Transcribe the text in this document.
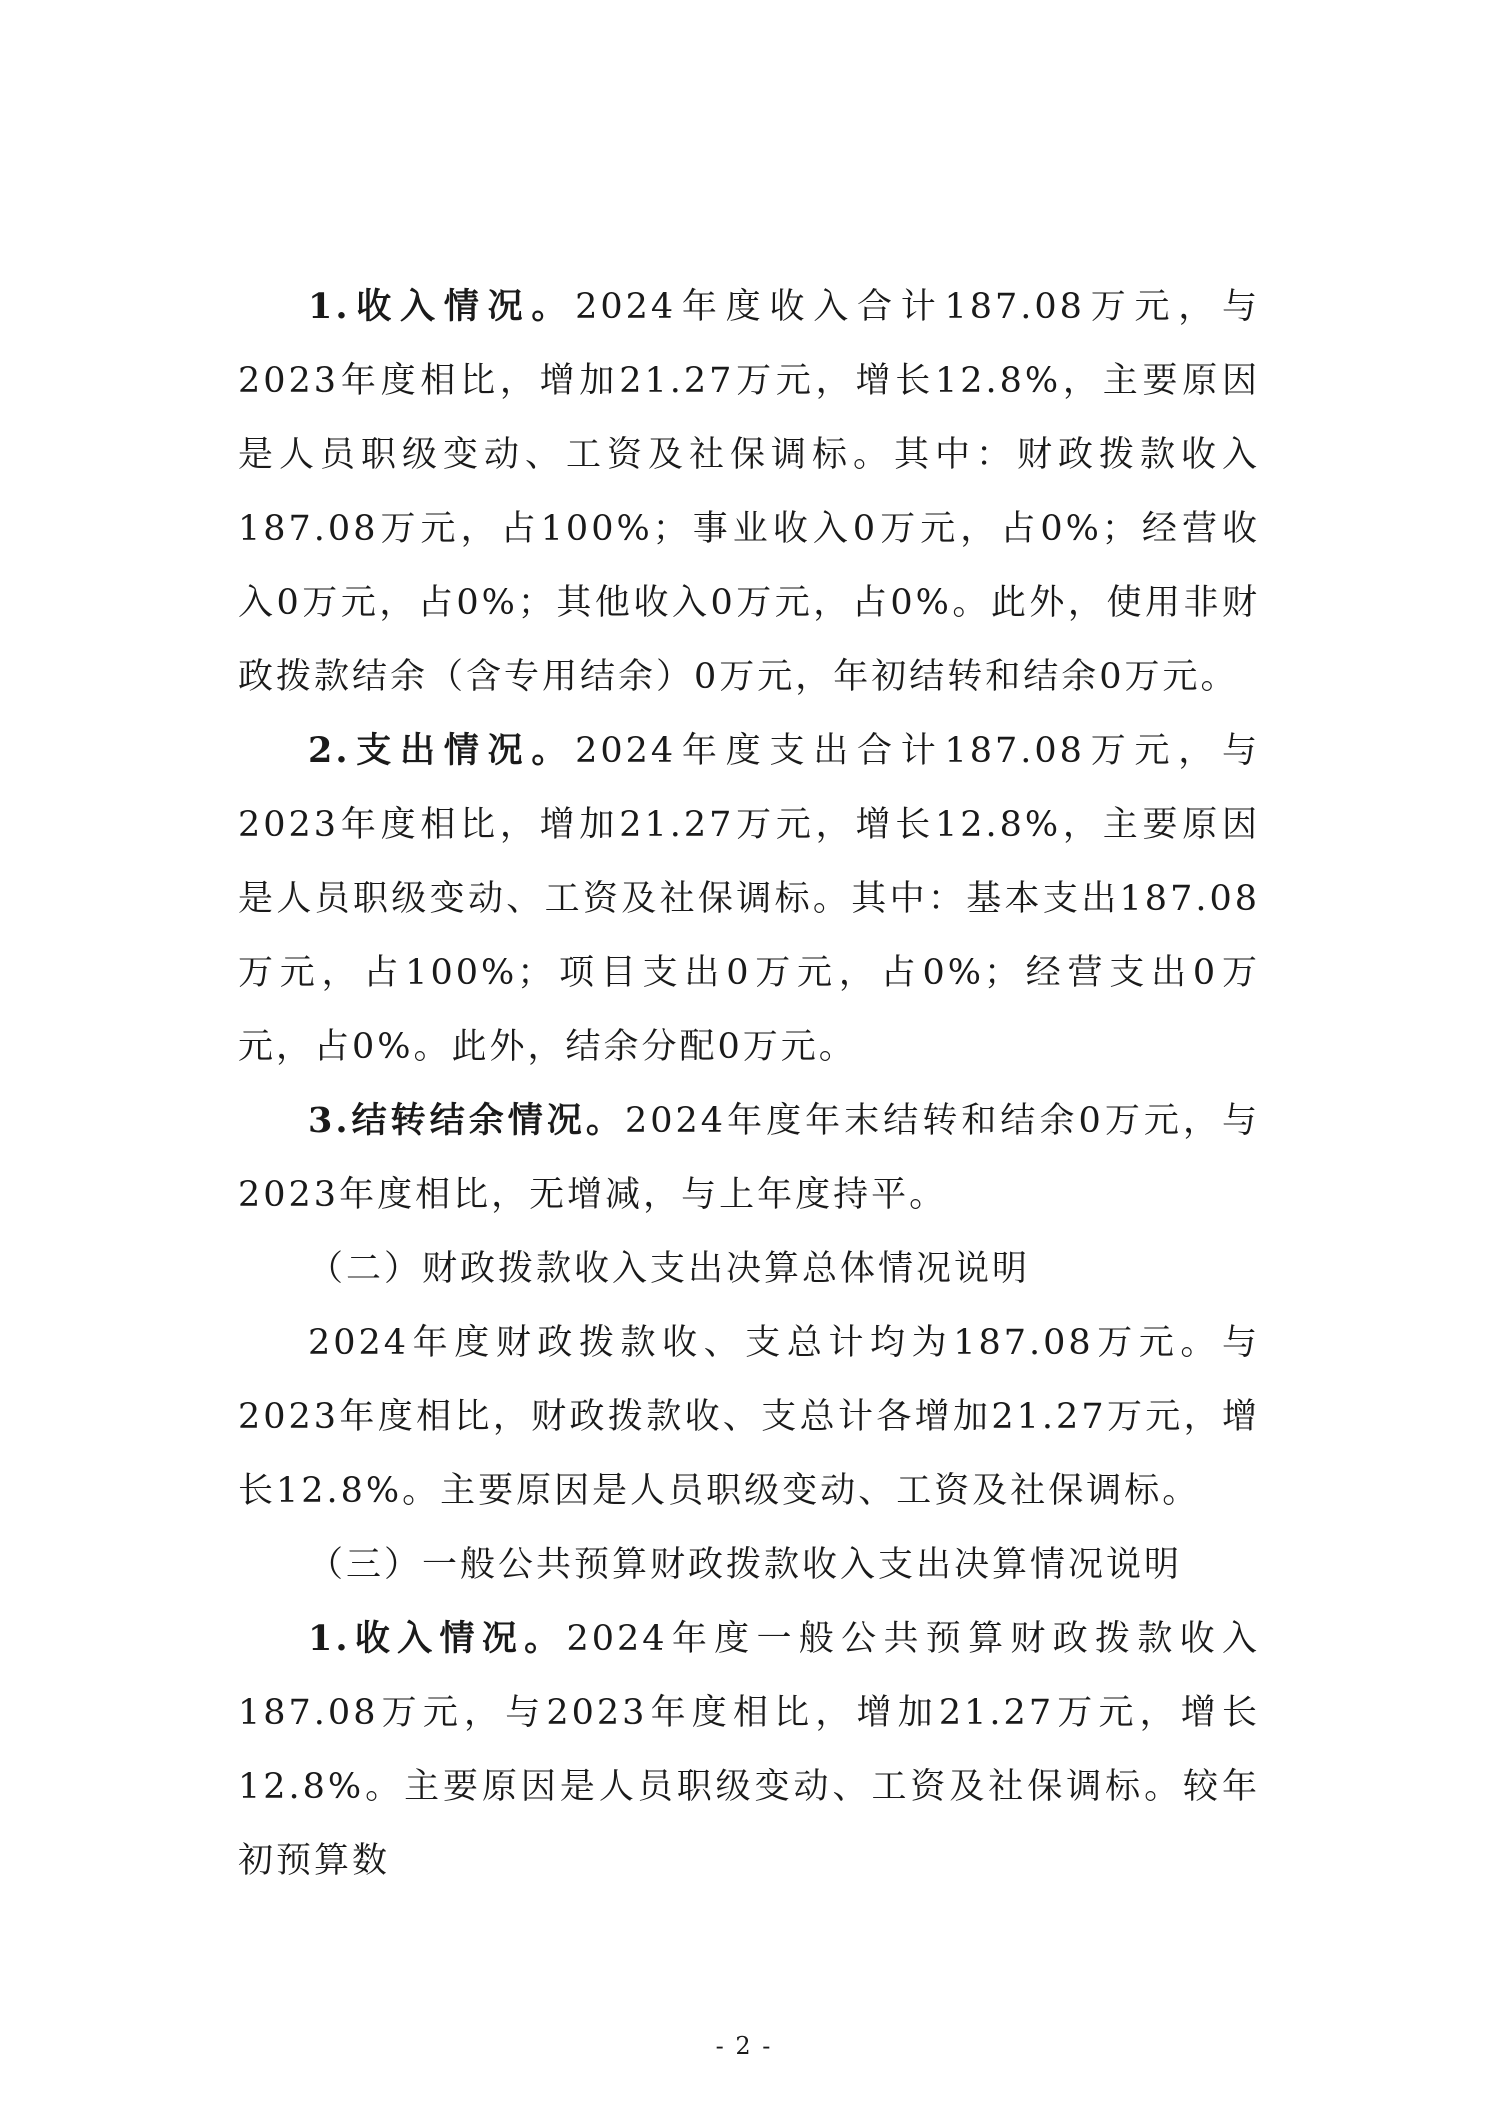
1.收入情况。2024年度收入合计187.08万元，与2023年度相比，增加21.27万元，增长12.8%，主要原因是人员职级变动、工资及社保调标。其中：财政拨款收入187.08万元，占100%；事业收入0万元，占0%；经营收入0万元，占0%；其他收入0万元，占0%。此外，使用非财政拨款结余（含专用结余）0万元，年初结转和结余0万元。

2.支出情况。2024年度支出合计187.08万元，与2023年度相比，增加21.27万元，增长12.8%，主要原因是人员职级变动、工资及社保调标。其中：基本支出187.08万元，占100%；项目支出0万元，占0%；经营支出0万元，占0%。此外，结余分配0万元。

3.结转结余情况。2024年度年末结转和结余0万元，与2023年度相比，无增减，与上年度持平。

（二）财政拨款收入支出决算总体情况说明

2024年度财政拨款收、支总计均为187.08万元。与2023年度相比，财政拨款收、支总计各增加21.27万元，增长12.8%。主要原因是人员职级变动、工资及社保调标。

（三）一般公共预算财政拨款收入支出决算情况说明

1.收入情况。2024年度一般公共预算财政拨款收入187.08万元，与2023年度相比，增加21.27万元，增长12.8%。主要原因是人员职级变动、工资及社保调标。较年初预算数

- 2 -
